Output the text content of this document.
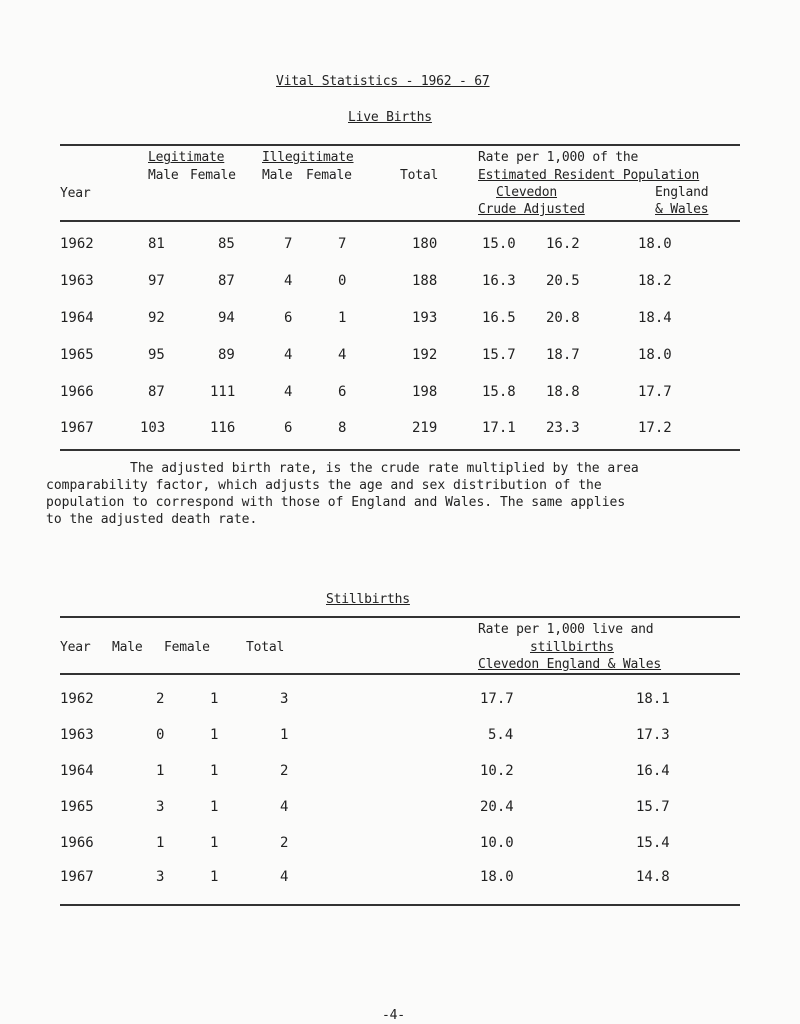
Vital Statistics - 1962 - 67
Live Births
Legitimate	Illegitimate	Rate per 1,000 of the
Male Female Male Female	Total	Estimated Resident Population
Year	Clevedon	England
Crude Adjusted	& Wales
1962	81	85	7	7	180	15.0 16.2	18.0
1963	97	87	4	0	188	16.3 20.5	18.2
1964	92	94	6	1	193	16.5 20.8	18.4
1965	95	89	4	4	192	15.7 18.7	18.0
1966	87	111	4	6	198	15.8 18.8	17.7
1967	103	116	6	8	219	17.1 23.3	17.2

The adjusted birth rate, is the crude rate multiplied by the area

comparability factor, which adjusts the age and sex distribution of the

population to correspond with those of England and Wales. The same applies

to the adjusted death rate.

Stillbirths
Rate per 1,000 live and
Year Male Female	Total	stillbirths
Clevedon England & Wales
1962	2	1	3	17.7	18.1
1963	0	1	1	5.4	17.3
1964	1	1	2	10.2	16.4
1965	3	1	4	20.4	15.7
1966	1	1	2	10.0	15.4
1967	3	1	4	18.0	14.8
-4-
